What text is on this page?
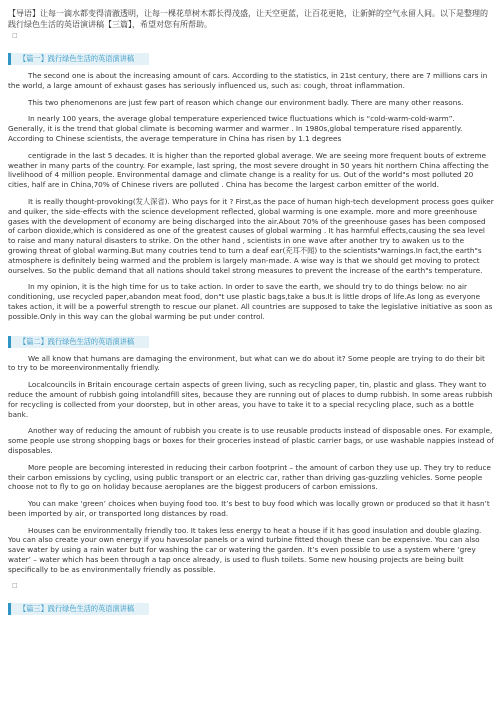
【导语】让每一滴水都变得清澈透明，让每一棵花草树木都长得茂盛，让天空更蓝，让百花更艳，让新鲜的空气永留人间。以下是整理的践行绿色生活的英语演讲稿【三篇】，希望对您有所帮助。
□
【篇一】践行绿色生活的英语演讲稿

The second one is about the increasing amount of cars. According to the statistics, in 21st century, there are 7 millions cars in the world, a large amount of exhaust gases has seriously influenced us, such as: cough, throat inflammation.

This two phenomenons are just few part of reason which change our environment badly. There are many other reasons.

In nearly 100 years, the average global temperature experienced twice fluctuations which is “cold-warm-cold-warm”. Generally, it is the trend that global climate is becoming warmer and warmer . In 1980s,global temperature rised apparently. According to Chinese scientists, the average temperature in China has risen by 1.1 degrees

centigrade in the last 5 decades. It is higher than the reported global average. We are seeing more frequent bouts of extreme weather in many parts of the country. For example, last spring, the most severe drought in 50 years hit northern China affecting the livelihood of 4 million people. Environmental damage and climate change is a reality for us. Out of the world"s most polluted 20 cities, half are in China,70% of Chinese rivers are polluted . China has become the largest carbon emitter of the world.

It is really thought-provoking(发人深省). Who pays for it ? First,as the pace of human high-tech development process goes quiker and quiker, the side-effects with the science development reflected, global warming is one example. more and more greenhouse gases with the development of economy are being discharged into the air.About 70% of the greenhouse gases has been composed of carbon dioxide,which is considered as one of the greatest causes of global warming . It has harmful effects,causing the sea level to raise and many natural disasters to strike. On the other hand , scientists in one wave after another try to awaken us to the growing threat of global warming.But many coutries tend to turn a deaf ear(充耳不闻) to the scientists"warnings.In fact,the earth"s atmosphere is definitely being warmed and the problem is largely man-made. A wise way is that we should get moving to protect ourselves. So the public demand that all nations should takel strong measures to prevent the increase of the earth"s temperature.

In my opinion, it is the high time for us to take action. In order to save the earth, we should try to do things below: no air conditioning, use recycled paper,abandon meat food, don"t use plastic bags,take a bus.It is little drops of life.As long as everyone takes action, it will be a powerful strength to rescue our planet. All countries are supposed to take the legislative initiative as soon as possible.Only in this way can the global warming be put under control.

【篇二】践行绿色生活的英语演讲稿

We all know that humans are damaging the environment, but what can we do about it? Some people are trying to do their bit to try to be moreenvironmentally friendly.

Localcouncils in Britain encourage certain aspects of green living, such as recycling paper, tin, plastic and glass. They want to reduce the amount of rubbish going intolandfill sites, because they are running out of places to dump rubbish. In some areas rubbish for recycling is collected from your doorstep, but in other areas, you have to take it to a special recycling place, such as a bottle bank.

Another way of reducing the amount of rubbish you create is to use reusable products instead of disposable ones. For example, some people use strong shopping bags or boxes for their groceries instead of plastic carrier bags, or use washable nappies instead of disposables.

More people are becoming interested in reducing their carbon footprint – the amount of carbon they use up. They try to reduce their carbon emissions by cycling, using public transport or an electric car, rather than driving gas-guzzling vehicles. Some people choose not to fly to go on holiday because aeroplanes are the biggest producers of carbon emissions.

You can make ‘green’ choices when buying food too. It’s best to buy food which was locally grown or produced so that it hasn’t been imported by air, or transported long distances by road.

Houses can be environmentally friendly too. It takes less energy to heat a house if it has good insulation and double glazing. You can also create your own energy if you havesolar panels or a wind turbine fitted though these can be expensive. You can also save water by using a rain water butt for washing the car or watering the garden. It’s even possible to use a system where ‘grey water’ – water which has been through a tap once already, is used to flush toilets. Some new housing projects are being built specifically to be as environmentally friendly as possible.

□
【篇三】践行绿色生活的英语演讲稿
